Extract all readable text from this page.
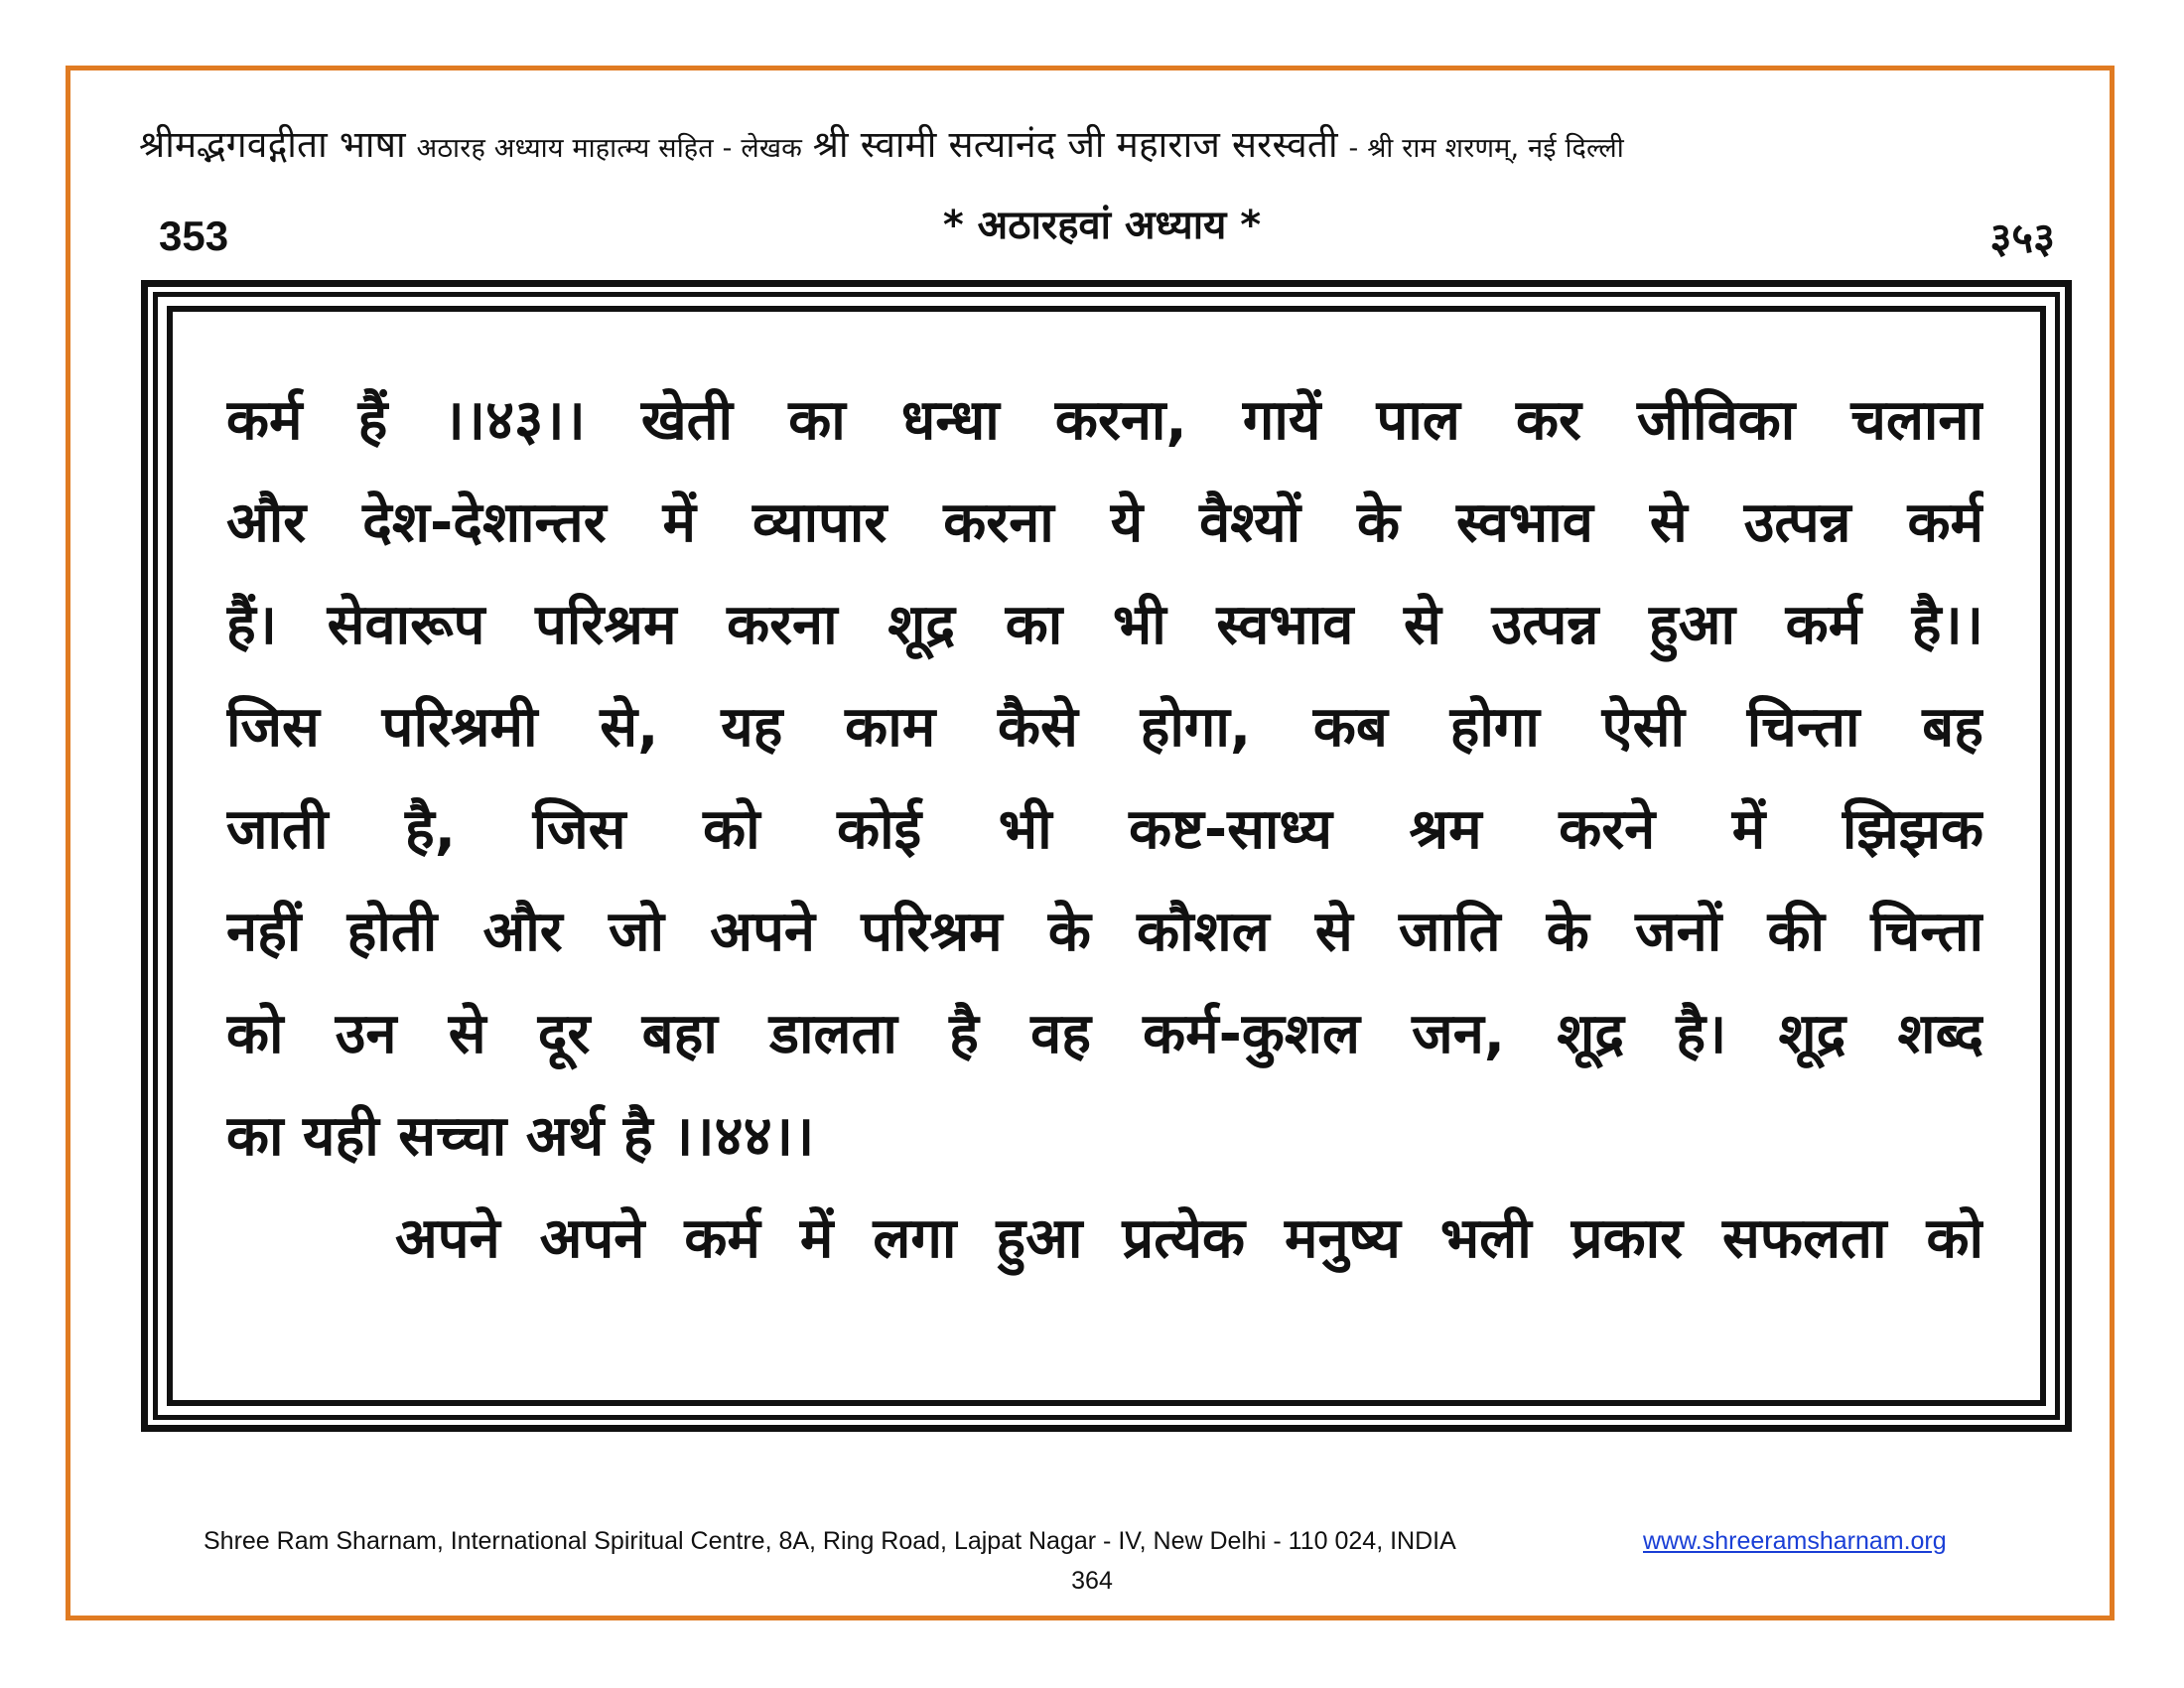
श्रीमद्भगवद्गीता भाषा अठारह अध्याय माहात्म्य सहित - लेखक श्री स्वामी सत्यानंद जी महाराज सरस्वती - श्री राम शरणम्, नई दिल्ली
353	* अठारहवां अध्याय *	३५३
कर्म हैं ।।४३।। खेती का धन्धा करना, गायें पाल कर जीविका चलाना
और देश-देशान्तर में व्यापार करना ये वैश्यों के स्वभाव से उत्पन्न कर्म
हैं। सेवारूप परिश्रम करना शूद्र का भी स्वभाव से उत्पन्न हुआ कर्म है।।
जिस परिश्रमी से, यह काम कैसे होगा, कब होगा ऐसी चिन्ता बह
जाती है, जिस को कोई भी कष्ट-साध्य श्रम करने में झिझक
नहीं होती और जो अपने परिश्रम के कौशल से जाति के जनों की चिन्ता
को उन से दूर बहा डालता है वह कर्म-कुशल जन, शूद्र है। शूद्र शब्द
का यही सच्चा अर्थ है ।।४४।।
अपने अपने कर्म में लगा हुआ प्रत्येक मनुष्य भली प्रकार सफलता को
Shree Ram Sharnam, International Spiritual Centre, 8A, Ring Road, Lajpat Nagar - IV, New Delhi - 110 024, INDIA	www.shreeramsharnam.org
364
